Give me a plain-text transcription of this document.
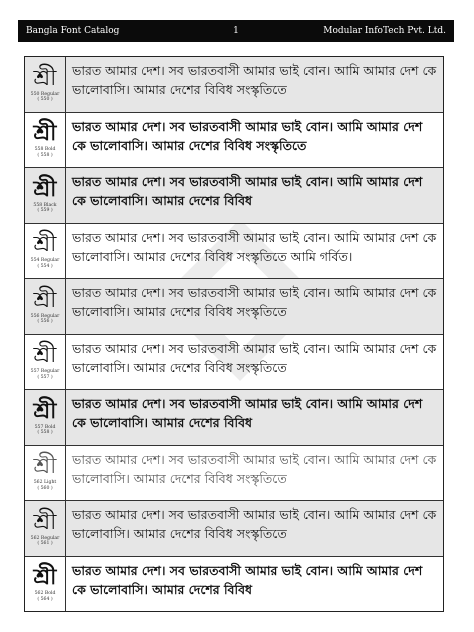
Bangla Font Catalog	1	Modular InfoTech Pvt. Ltd.
শ্রী
550 Regular
( 550 )
ভারত আমার দেশ। সব ভারতবাসী আমার ভাই বোন। আমি আমার দেশ কে ভালোবাসি। আমার দেশের বিবিধ সংস্কৃতিতে
শ্রী
558 Bold
( 558 )
ভারত আমার দেশ। সব ভারতবাসী আমার ভাই বোন। আমি আমার দেশ কে ভালোবাসি। আমার দেশের বিবিধ সংস্কৃতিতে
শ্রী
558 Black
( 559 )
ভারত আমার দেশ। সব ভারতবাসী আমার ভাই বোন। আমি আমার দেশ কে ভালোবাসি। আমার দেশের বিবিধ
শ্রী
554 Regular
( 554 )
ভারত আমার দেশ। সব ভারতবাসী আমার ভাই বোন। আমি আমার দেশ কে ভালোবাসি। আমার দেশের বিবিধ সংস্কৃতিতে আমি গর্বিত।
শ্রী
556 Regular
( 556 )
ভারত আমার দেশ। সব ভারতবাসী আমার ভাই বোন। আমি আমার দেশ কে ভালোবাসি। আমার দেশের বিবিধ সংস্কৃতিতে
শ্রী
557 Regular
( 557 )
ভারত আমার দেশ। সব ভারতবাসী আমার ভাই বোন। আমি আমার দেশ কে ভালোবাসি। আমার দেশের বিবিধ সংস্কৃতিতে
শ্রী
557 Bold
( 558 )
ভারত আমার দেশ। সব ভারতবাসী আমার ভাই বোন। আমি আমার দেশ কে ভালোবাসি। আমার দেশের বিবিধ
শ্রী
562 Light
( 560 )
ভারত আমার দেশ। সব ভারতবাসী আমার ভাই বোন। আমি আমার দেশ কে ভালোবাসি। আমার দেশের বিবিধ সংস্কৃতিতে
শ্রী
562 Regular
( 561 )
ভারত আমার দেশ। সব ভারতবাসী আমার ভাই বোন। আমি আমার দেশ কে ভালোবাসি। আমার দেশের বিবিধ সংস্কৃতিতে
শ্রী
562 Bold
( 564 )
ভারত আমার দেশ। সব ভারতবাসী আমার ভাই বোন। আমি আমার দেশ কে ভালোবাসি। আমার দেশের বিবিধ
